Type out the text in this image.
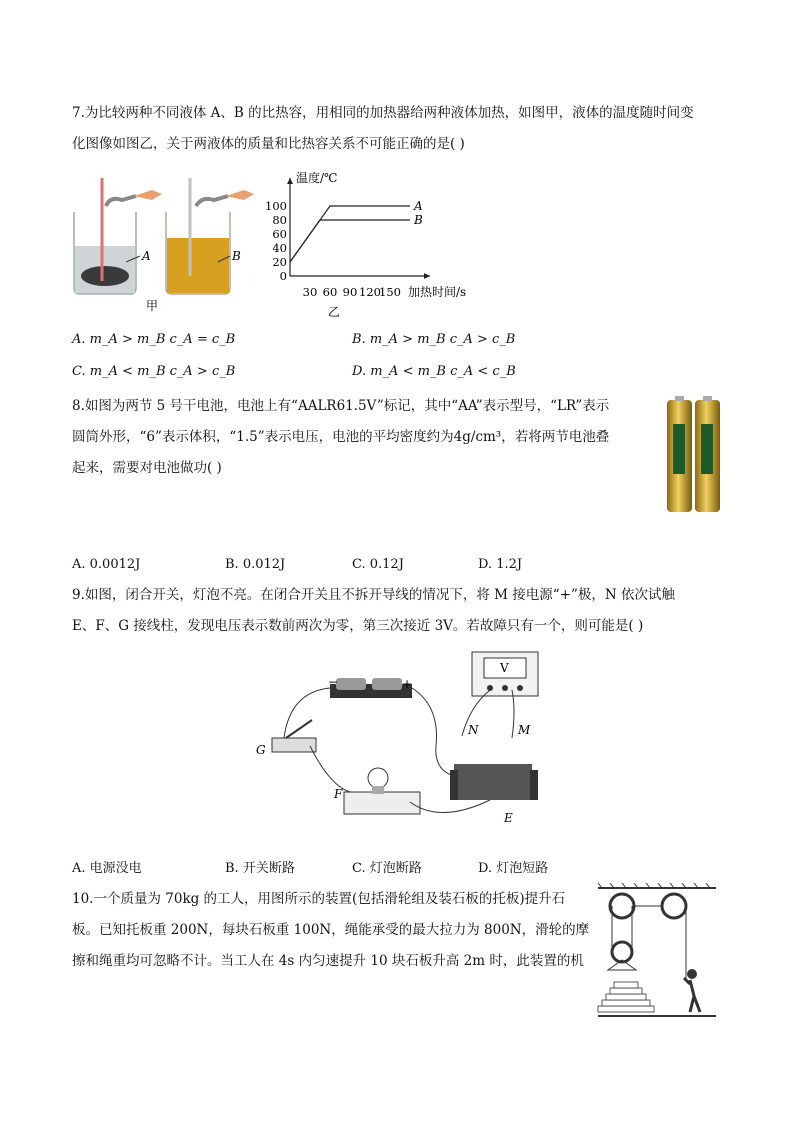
7.为比较两种不同液体 A、B 的比热容，用相同的加热器给两种液体加热，如图甲，液体的温度随时间变
化图像如图乙，关于两液体的质量和比热容关系不可能正确的是( )
A	B
甲
温度/℃
加热时间/s
0
20
40
60
80
100
30 60 90 120
150
A
B
乙
A. m_A > m_B c_A = c_B	B. m_A > m_B c_A > c_B
C. m_A < m_B c_A > c_B	D. m_A < m_B c_A < c_B
8.如图为两节 5 号干电池，电池上有“AALR61.5V”标记，其中“AA”表示型号，“LR”表示
圆筒外形，“6”表示体积，“1.5”表示电压，电池的平均密度约为4g/cm³，若将两节电池叠
起来，需要对电池做功( )
A. 0.0012J	B. 0.012J	C. 0.12J	D. 1.2J
9.如图，闭合开关，灯泡不亮。在闭合开关且不拆开导线的情况下，将 M 接电源“+”极，N 依次试触
E、F、G 接线柱，发现电压表示数前两次为零，第三次接近 3V。若故障只有一个，则可能是( )
−	+
V
N	M
G
F
E
A. 电源没电	B. 开关断路	C. 灯泡断路	D. 灯泡短路
10.一个质量为 70kg 的工人，用图所示的装置(包括滑轮组及装石板的托板)提升石
板。已知托板重 200N，每块石板重 100N，绳能承受的最大拉力为 800N，滑轮的摩
擦和绳重均可忽略不计。当工人在 4s 内匀速提升 10 块石板升高 2m 时，此装置的机
